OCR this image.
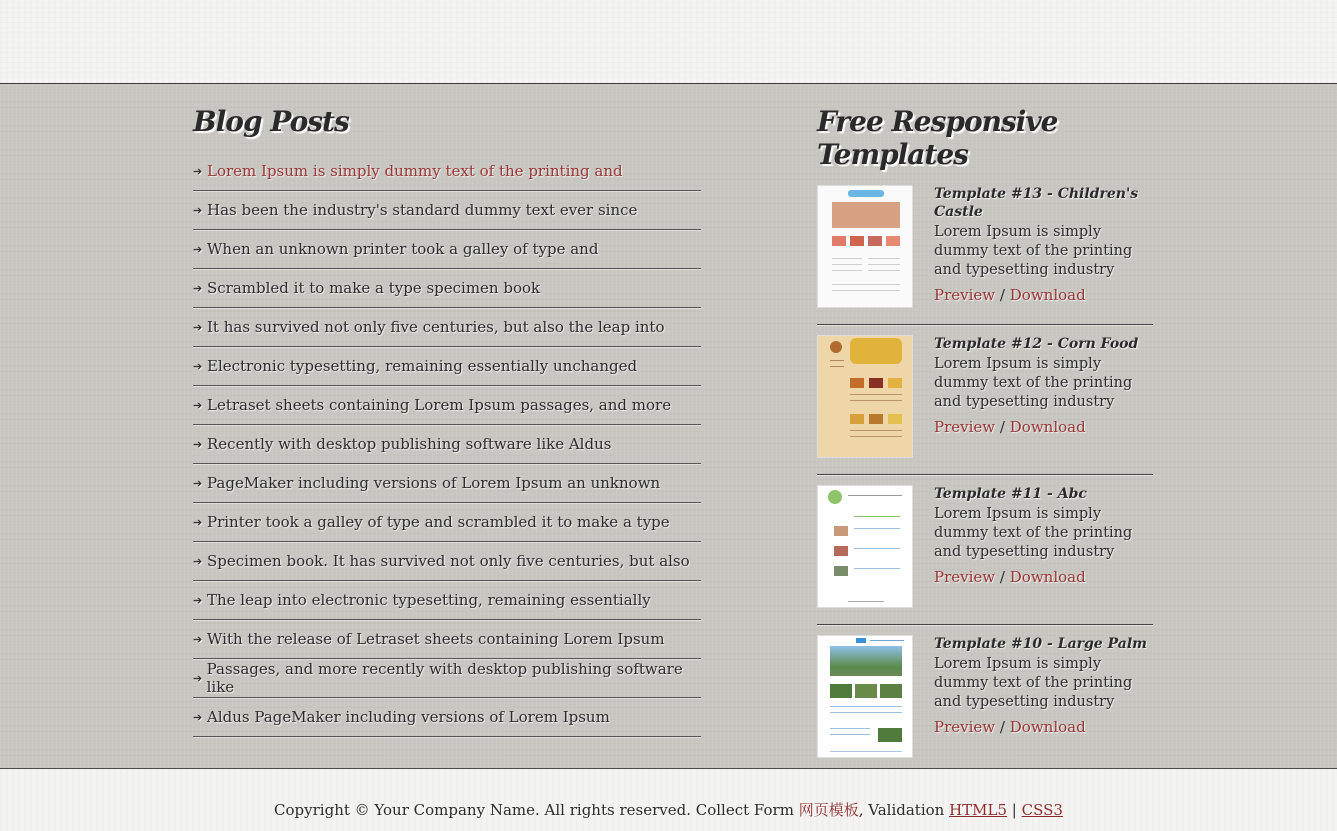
Blog Posts
➔ Lorem Ipsum is simply dummy text of the printing and
➔ Has been the industry's standard dummy text ever since
➔ When an unknown printer took a galley of type and
➔ Scrambled it to make a type specimen book
➔ It has survived not only five centuries, but also the leap into
➔ Electronic typesetting, remaining essentially unchanged
➔ Letraset sheets containing Lorem Ipsum passages, and more
➔ Recently with desktop publishing software like Aldus
➔ PageMaker including versions of Lorem Ipsum an unknown
➔ Printer took a galley of type and scrambled it to make a type
➔ Specimen book. It has survived not only five centuries, but also
➔ The leap into electronic typesetting, remaining essentially
➔ With the release of Letraset sheets containing Lorem Ipsum
➔ Passages, and more recently with desktop publishing software like
➔ Aldus PageMaker including versions of Lorem Ipsum
Free Responsive Templates
Template #13 - Children's Castle
Lorem Ipsum is simply dummy text of the printing and typesetting industry
Preview / Download
Template #12 - Corn Food
Lorem Ipsum is simply dummy text of the printing and typesetting industry
Preview / Download
Template #11 - Abc
Lorem Ipsum is simply dummy text of the printing and typesetting industry
Preview / Download
Template #10 - Large Palm
Lorem Ipsum is simply dummy text of the printing and typesetting industry
Preview / Download
Copyright © Your Company Name. All rights reserved. Collect Form 网页模板, Validation HTML5 | CSS3
